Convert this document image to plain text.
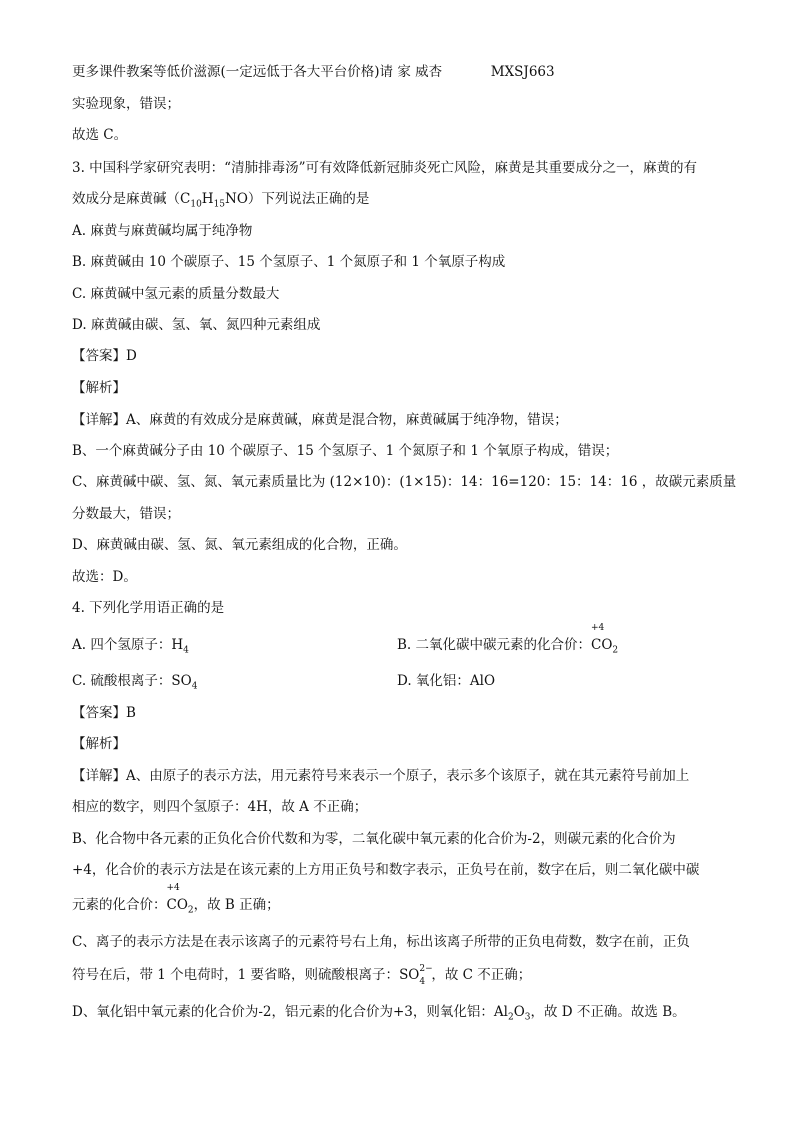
更多课件教案等低价滋源(一定远低于各大平台价格)请 家 威杏	MXSJ663
实验现象，错误；
故选 C。
3. 中国科学家研究表明：“清肺排毒汤”可有效降低新冠肺炎死亡风险，麻黄是其重要成分之一，麻黄的有
效成分是麻黄碱$(C_{10}H_{15}NO)$下列说法正确的是
A. 麻黄与麻黄碱均属于纯净物
B. 麻黄碱由 10 个碳原子、15 个氢原子、1 个氮原子和 1 个氧原子构成
C. 麻黄碱中氢元素的质量分数最大
D. 麻黄碱由碳、氢、氧、氮四种元素组成
【答案】D
【解析】
【详解】A、麻黄的有效成分是麻黄碱，麻黄是混合物，麻黄碱属于纯净物，错误；
B、一个麻黄碱分子由 10 个碳原子、15 个氢原子、1 个氮原子和 1 个氧原子构成，错误；
C、麻黄碱中碳、氢、氮、氧元素质量比为 (12×10)：(1×15)：14：16=120：15：14：16 ，故碳元素质量
分数最大，错误；
D、麻黄碱由碳、氢、氮、氧元素组成的化合物，正确。
故选：D。
4. 下列化学用语正确的是
A. 四个氢原子：$H_4$	B. 二氧化碳中碳元素的化合价：
+4
$CO_2$
C. 硫酸根离子：$SO_4$	D. 氧化铝：AlO
【答案】B
【解析】
【详解】A、由原子的表示方法，用元素符号来表示一个原子，表示多个该原子，就在其元素符号前加上
相应的数字，则四个氢原子：4H，故 A 不正确；
B、化合物中各元素的正负化合价代数和为零，二氧化碳中氧元素的化合价为-2，则碳元素的化合价为
+4，化合价的表示方法是在该元素的上方用正负号和数字表示，正负号在前，数字在后，则二氧化碳中碳
元素的化合价：
+4
$CO_2$，故 B 正确；
C、离子的表示方法是在表示该离子的元素符号右上角，标出该离子所带的正负电荷数，数字在前，正负
符号在后，带 1 个电荷时，1 要省略，则硫酸根离子：SO 2−
4 ，故 C 不正确；
D、氧化铝中氧元素的化合价为-2，铝元素的化合价为+3，则氧化铝：$Al_2O_3$，故 D 不正确。故选 B。
